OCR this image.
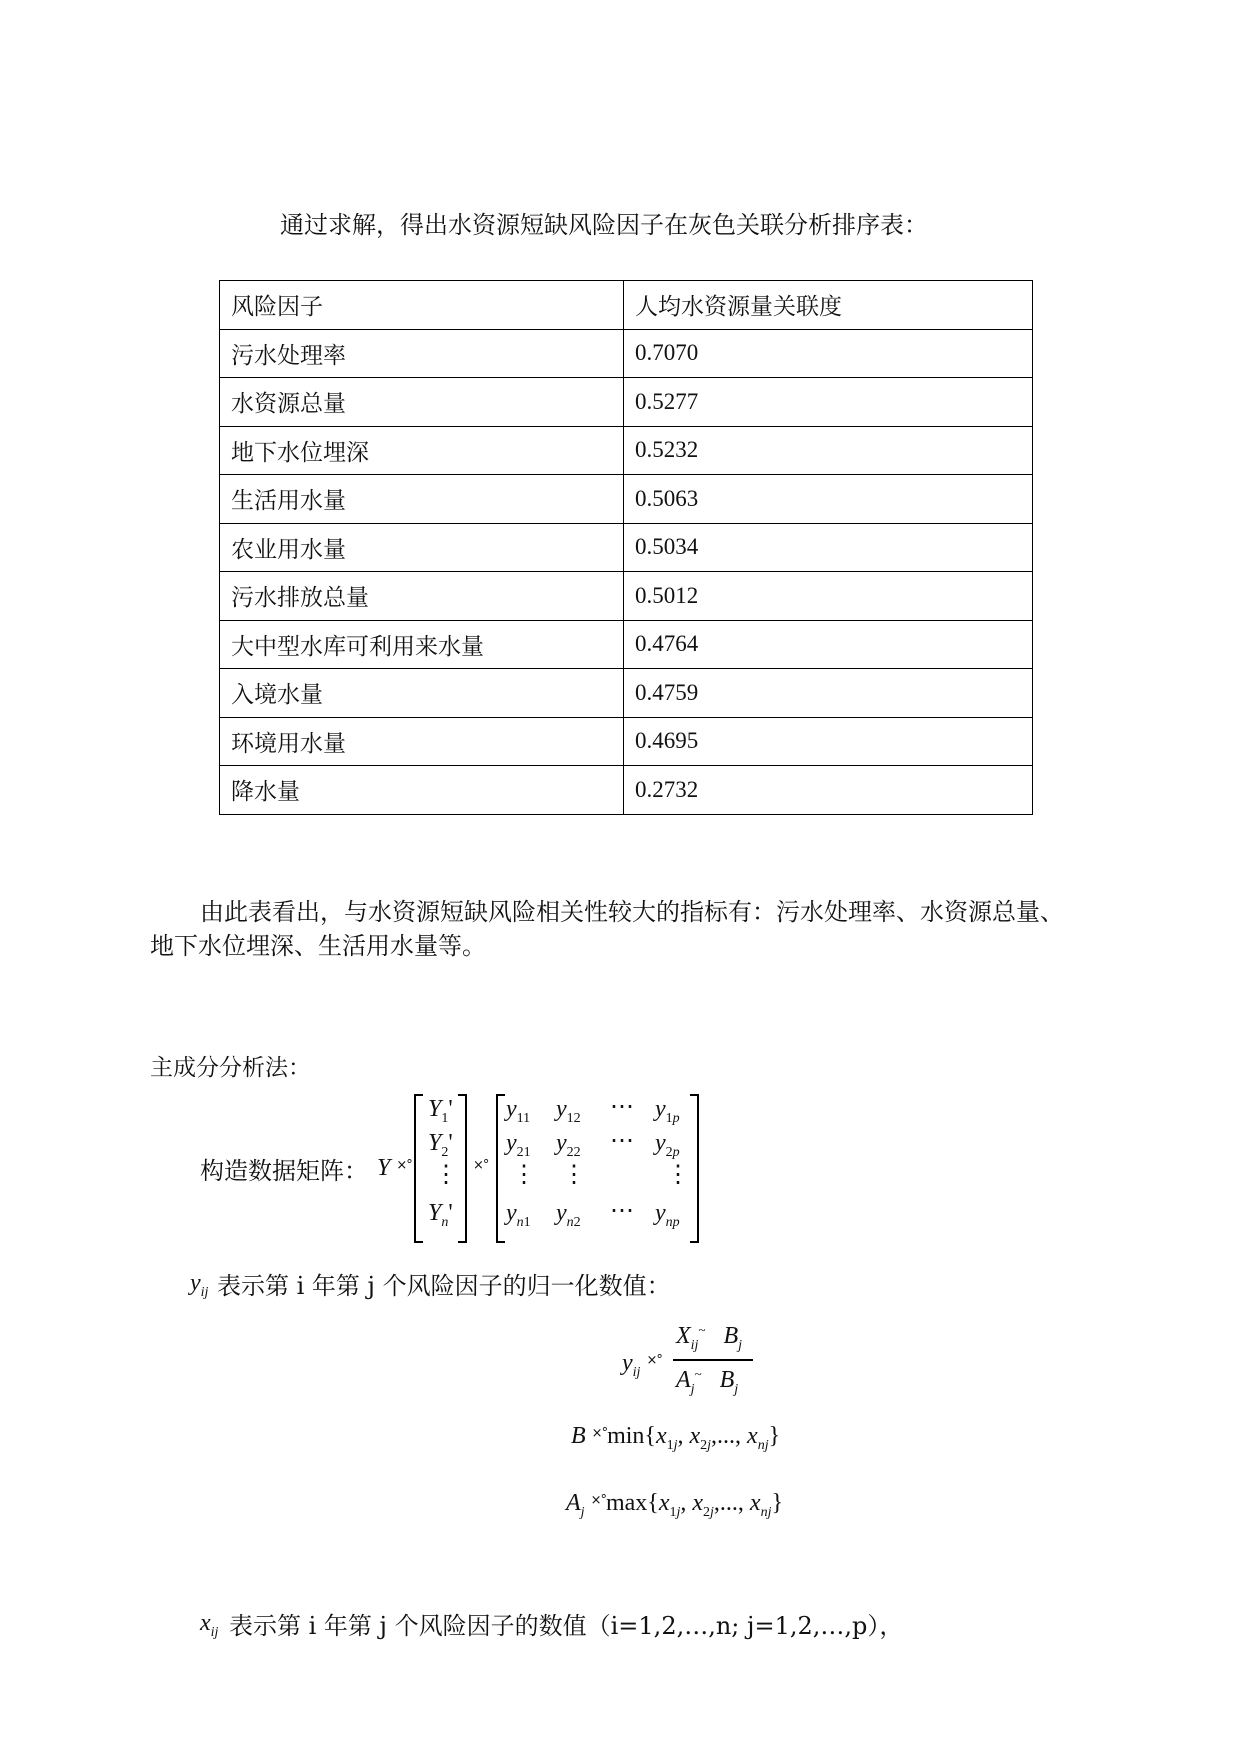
通过求解，得出水资源短缺风险因子在灰色关联分析排序表：
风险因子	人均水资源量关联度
污水处理率	0.7070
水资源总量	0.5277
地下水位埋深	0.5232
生活用水量	0.5063
农业用水量	0.5034
污水排放总量	0.5012
大中型水库可利用来水量	0.4764
入境水量	0.4759
环境用水量	0.4695
降水量	0.2732
由此表看出，与水资源短缺风险相关性较大的指标有：污水处理率、水资源总量、
地下水位埋深、生活用水量等。
主成分分析法：
构造数据矩阵： Y ×°
$Y_1'$
$Y_2'$
⋮
$Y_n'$
×°
$y_{11}$ $y_{12}$ ⋯ $y_{1p}$
$y_{21}$ $y_{22}$ ⋯ $y_{2p}$
⋮ ⋮	⋮
$y_{n1}$ $y_{n2}$ ⋯ $y_{np}$
$y_{ij}$ 表示第 i 年第 j 个风险因子的归一化数值：
$y_{ij}$ ×°
$X_{ij}^\sim$ $B_j$
$A_j^\sim$ $B_j$
B $^{\times^\circ}\min\{x_{1j}$, $x_{2j}$,..., $x_{nj}$}
$A_j$ $^{\times^\circ}\max\{x_{1j}$, $x_{2j}$,..., $x_{nj}$}
$x_{ij}$ 表示第 i 年第 j 个风险因子的数值（i=1,2,…,n; j=1,2,…,p），
